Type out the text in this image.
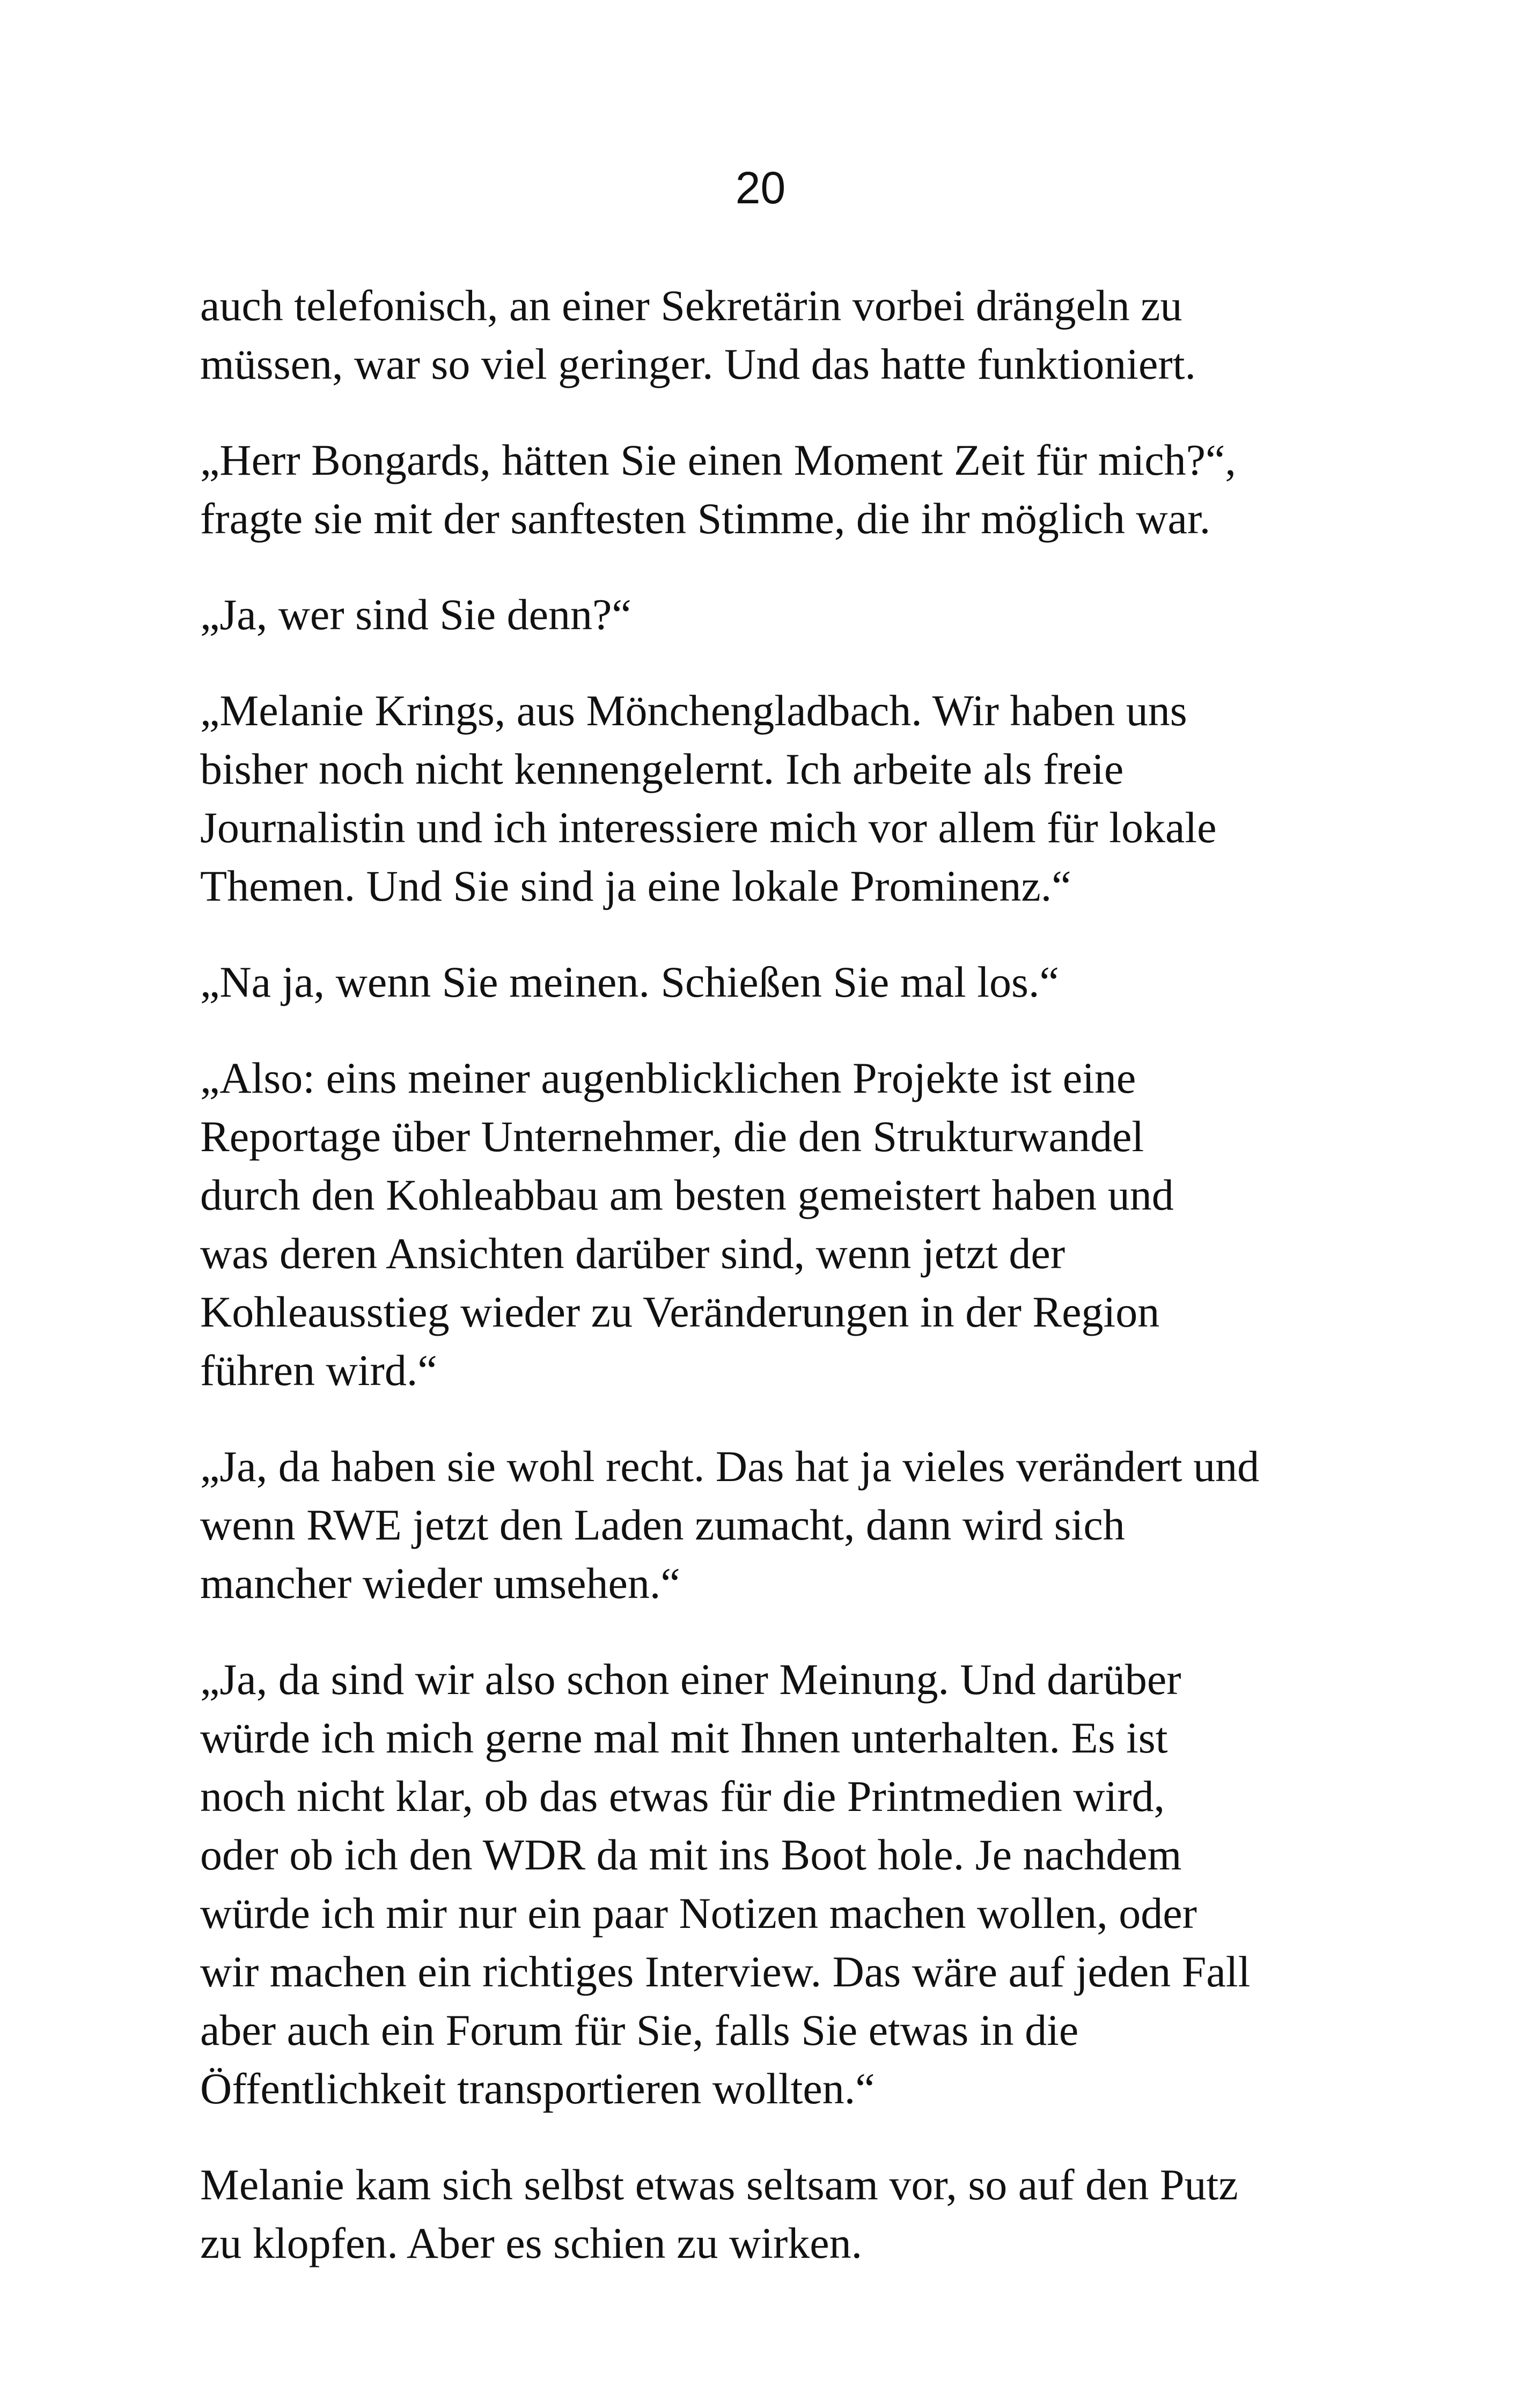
20

auch telefonisch, an einer Sekretärin vorbei drängeln zu
müssen, war so viel geringer. Und das hatte funktioniert.

„Herr Bongards, hätten Sie einen Moment Zeit für mich?“,
fragte sie mit der sanftesten Stimme, die ihr möglich war.

„Ja, wer sind Sie denn?“

„Melanie Krings, aus Mönchengladbach. Wir haben uns
bisher noch nicht kennengelernt. Ich arbeite als freie
Journalistin und ich interessiere mich vor allem für lokale
Themen. Und Sie sind ja eine lokale Prominenz.“

„Na ja, wenn Sie meinen. Schießen Sie mal los.“

„Also: eins meiner augenblicklichen Projekte ist eine
Reportage über Unternehmer, die den Strukturwandel
durch den Kohleabbau am besten gemeistert haben und
was deren Ansichten darüber sind, wenn jetzt der
Kohleausstieg wieder zu Veränderungen in der Region
führen wird.“

„Ja, da haben sie wohl recht. Das hat ja vieles verändert und
wenn RWE jetzt den Laden zumacht, dann wird sich
mancher wieder umsehen.“

„Ja, da sind wir also schon einer Meinung. Und darüber
würde ich mich gerne mal mit Ihnen unterhalten. Es ist
noch nicht klar, ob das etwas für die Printmedien wird,
oder ob ich den WDR da mit ins Boot hole. Je nachdem
würde ich mir nur ein paar Notizen machen wollen, oder
wir machen ein richtiges Interview. Das wäre auf jeden Fall
aber auch ein Forum für Sie, falls Sie etwas in die
Öffentlichkeit transportieren wollten.“

Melanie kam sich selbst etwas seltsam vor, so auf den Putz
zu klopfen. Aber es schien zu wirken.
